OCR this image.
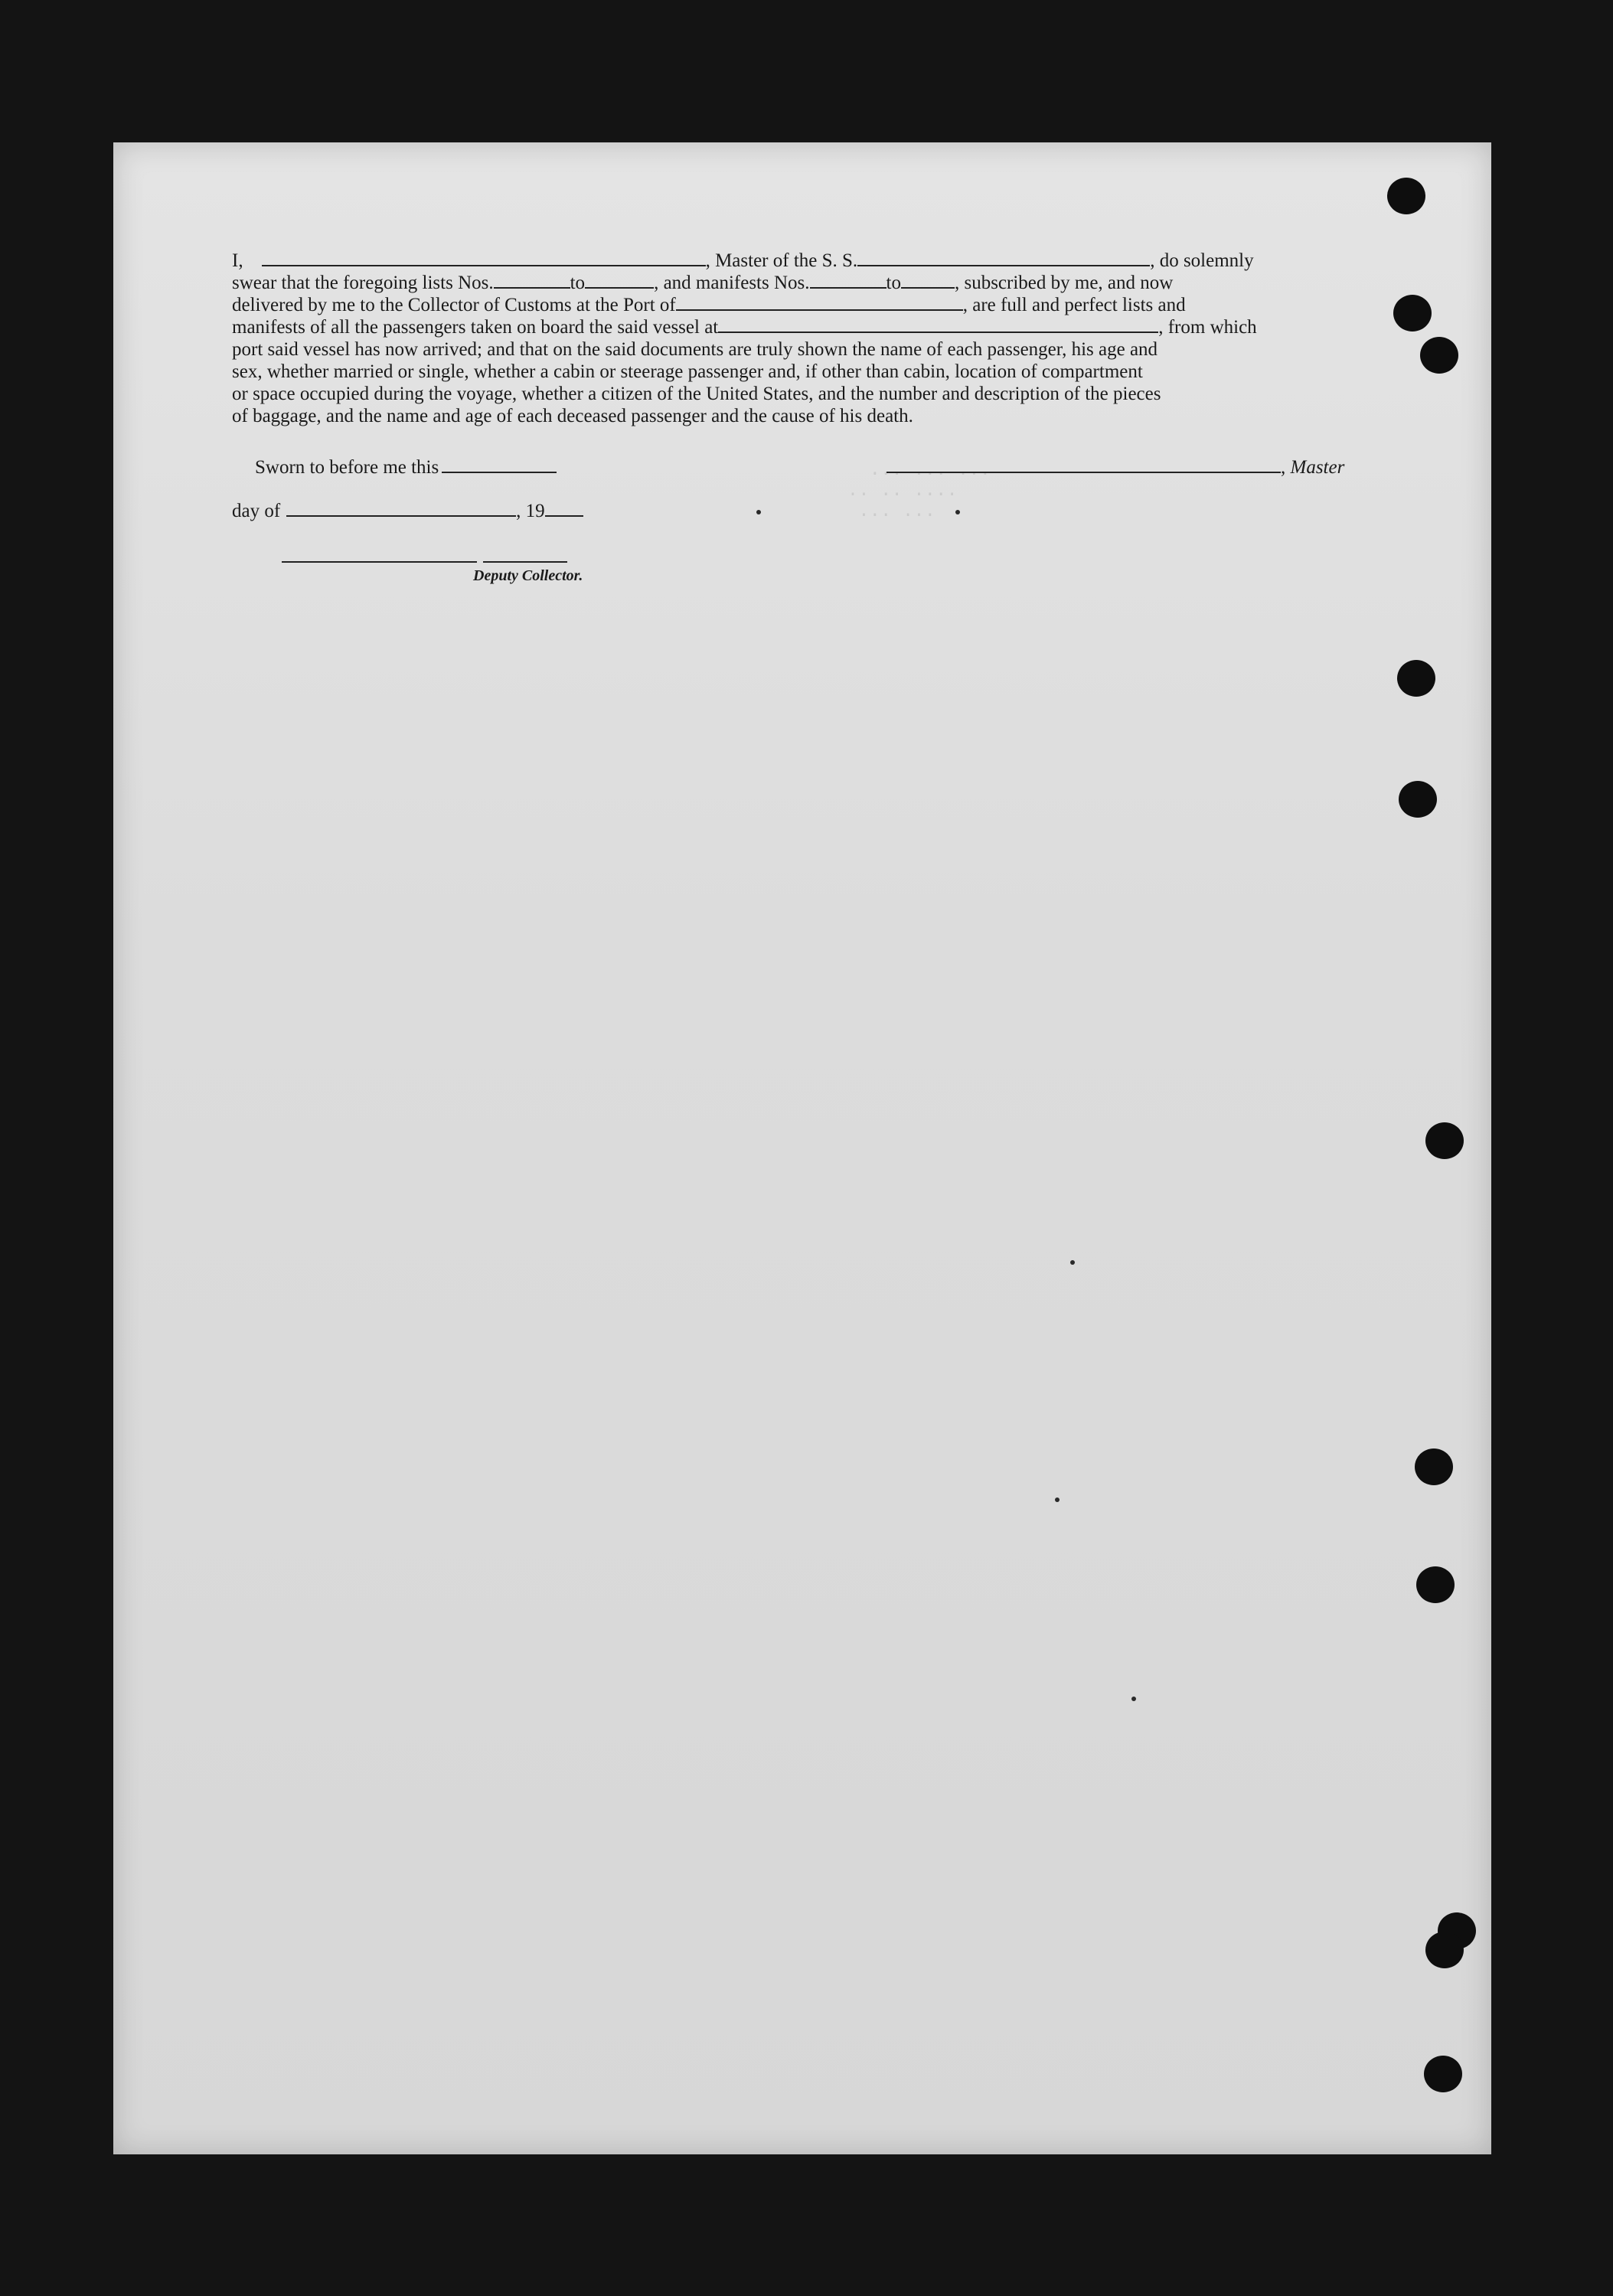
··· ··· ···
·· ·· ····
··· ···

I,	, Master of the S. S.	, do solemnly
swear that the foregoing lists Nos.	to	, and manifests Nos.	to	, subscribed by me, and now
delivered by me to the Collector of Customs at the Port of	, are full and perfect lists and
manifests of all the passengers taken on board the said vessel at	, from which
port said vessel has now arrived; and that on the said documents are truly shown the name of each passenger, his age and
sex, whether married or single, whether a cabin or steerage passenger and, if other than cabin, location of compartment
or space occupied during the voyage, whether a citizen of the United States, and the number and description of the pieces
of baggage, and the name and age of each deceased passenger and the cause of his death.
Sworn to before me this	, Master
day of	, 19
Deputy Collector.
